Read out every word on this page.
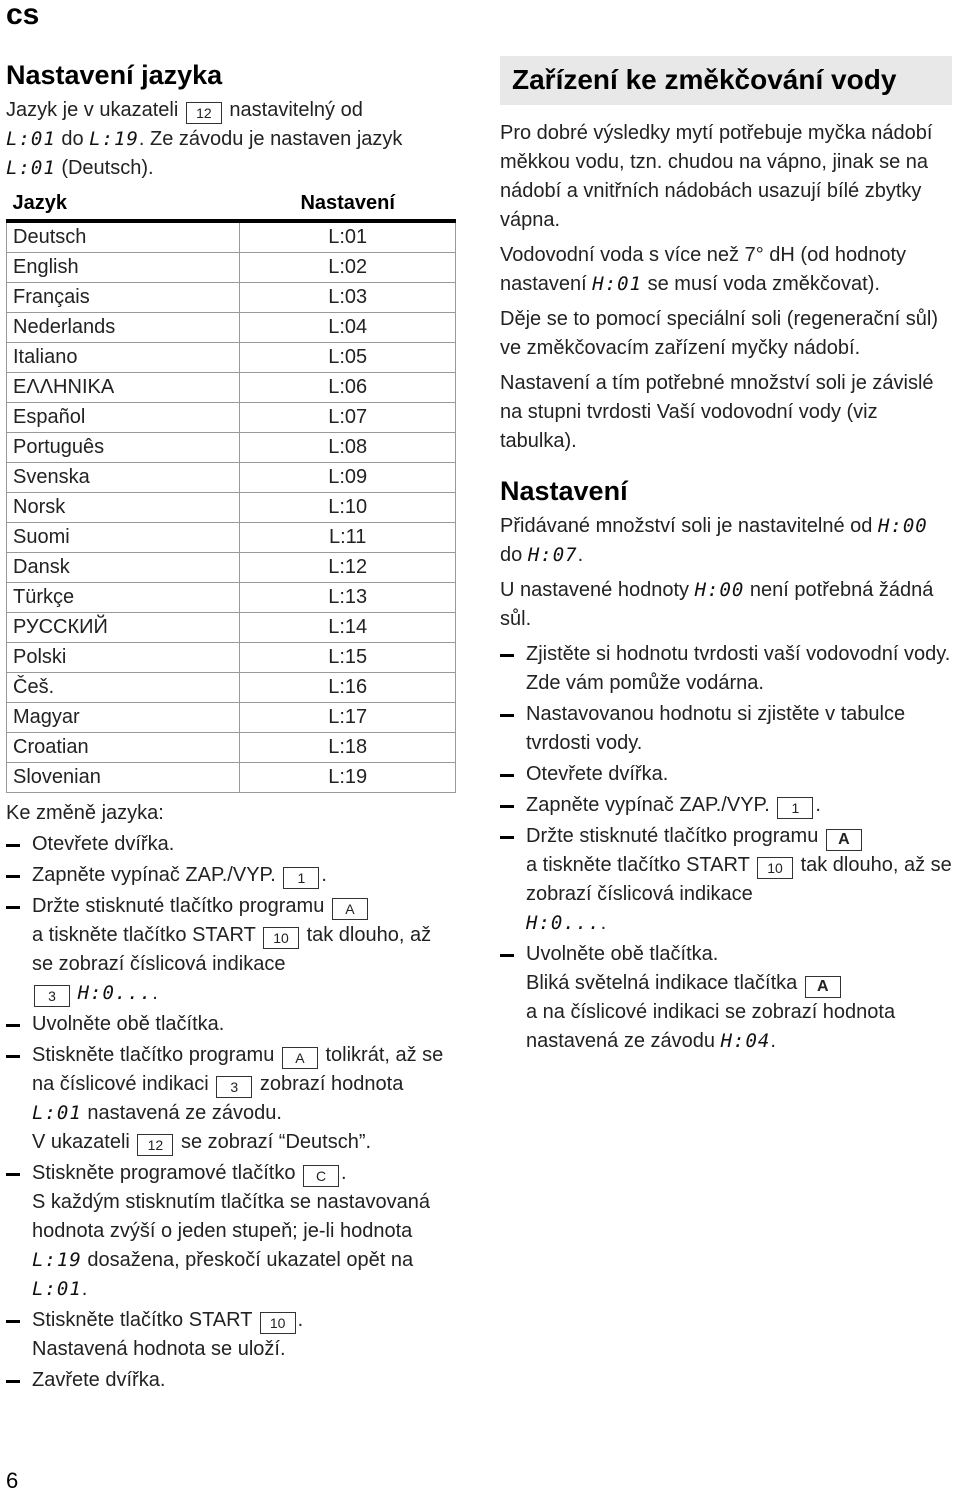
cs
Nastavení jazyka

Jazyk je v ukazateli 12 nastavitelný od
L:01 do L:19. Ze závodu je nastaven jazyk
L:01 (Deutsch).

Jazyk	Nastavení
Deutsch	L:01
English	L:02
Français	L:03
Nederlands	L:04
Italiano	L:05
ΕΛΛΗΝΙΚΑ	L:06
Español	L:07
Português	L:08
Svenska	L:09
Norsk	L:10
Suomi	L:11
Dansk	L:12
Türkçe	L:13
РУССКИЙ	L:14
Polski	L:15
Češ.	L:16
Magyar	L:17
Croatian	L:18
Slovenian	L:19

Ke změně jazyka:

Otevřete dvířka.
Zapněte vypínač ZAP./VYP. 1 .
Držte stisknuté tlačítko programu A
a tiskněte tlačítko START 10 tak dlouho, až se zobrazí číslicová indikace
3 H:0....
Uvolněte obě tlačítka.
Stiskněte tlačítko programu A tolikrát, až se na číslicové indikaci 3 zobrazí hodnota L:01 nastavená ze závodu.
V ukazateli 12 se zobrazí “Deutsch”.
Stiskněte programové tlačítko C .
S každým stisknutím tlačítka se nastavovaná hodnota zvýší o jeden stupeň; je-li hodnota L:19 dosažena, přeskočí ukazatel opět na L:01.
Stiskněte tlačítko START 10 .
Nastavená hodnota se uloží.
Zavřete dvířka.
Zařízení ke změkčování vody

Pro dobré výsledky mytí potřebuje myčka nádobí měkkou vodu, tzn. chudou na vápno, jinak se na nádobí a vnitřních nádobách usazují bílé zbytky vápna.

Vodovodní voda s více než 7° dH (od hodnoty nastavení H:01 se musí voda změkčovat).

Děje se to pomocí speciální soli (regenerační sůl) ve změkčovacím zařízení myčky nádobí.

Nastavení a tím potřebné množství soli je závislé na stupni tvrdosti Vaší vodovodní vody (viz tabulka).

Nastavení

Přidávané množství soli je nastavitelné od H:00 do H:07.

U nastavené hodnoty H:00 není potřebná žádná sůl.

Zjistěte si hodnotu tvrdosti vaší vodovodní vody. Zde vám pomůže vodárna.
Nastavovanou hodnotu si zjistěte v tabulce tvrdosti vody.
Otevřete dvířka.
Zapněte vypínač ZAP./VYP. 1 .
Držte stisknuté tlačítko programu A
a tiskněte tlačítko START 10 tak dlouho, až se zobrazí číslicová indikace
H:0....
Uvolněte obě tlačítka.
Bliká světelná indikace tlačítka A
a na číslicové indikaci se zobrazí hodnota nastavená ze závodu H:04.
6
